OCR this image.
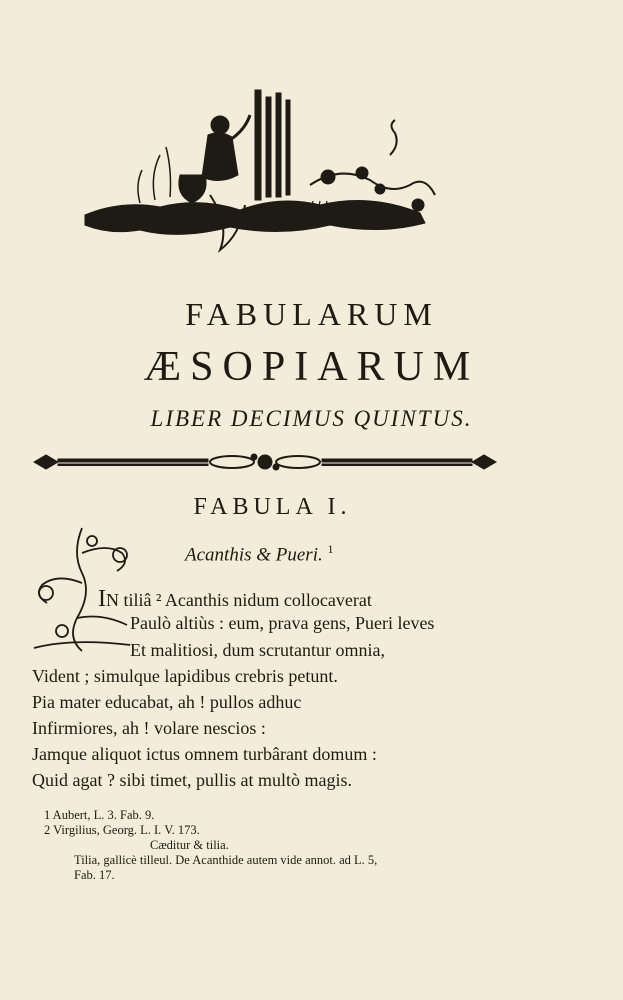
FABULARUM
ÆSOPIARUM
LIBER DECIMUS QUINTUS.
FABULA I.
Acanthis & Pueri. $^1$
IN tiliâ ² Acanthis nidum collocaverat
Paulò altiùs : eum, prava gens, Pueri leves
Et malitiosi, dum scrutantur omnia,
Vident ; simulque lapidibus crebris petunt.
Pia mater educabat, ah ! pullos adhuc
Infirmiores, ah ! volare nescios :
Jamque aliquot ictus omnem turbârant domum :
Quid agat ? sibi timet, pullis at multò magis.
1 Aubert, L. 3. Fab. 9.
2 Virgilius, Georg. L. I. V. 173.
Cæditur & tilia.
Tilia, gallicè tilleul. De Acanthide autem vide annot. ad L. 5,
Fab. 17.
